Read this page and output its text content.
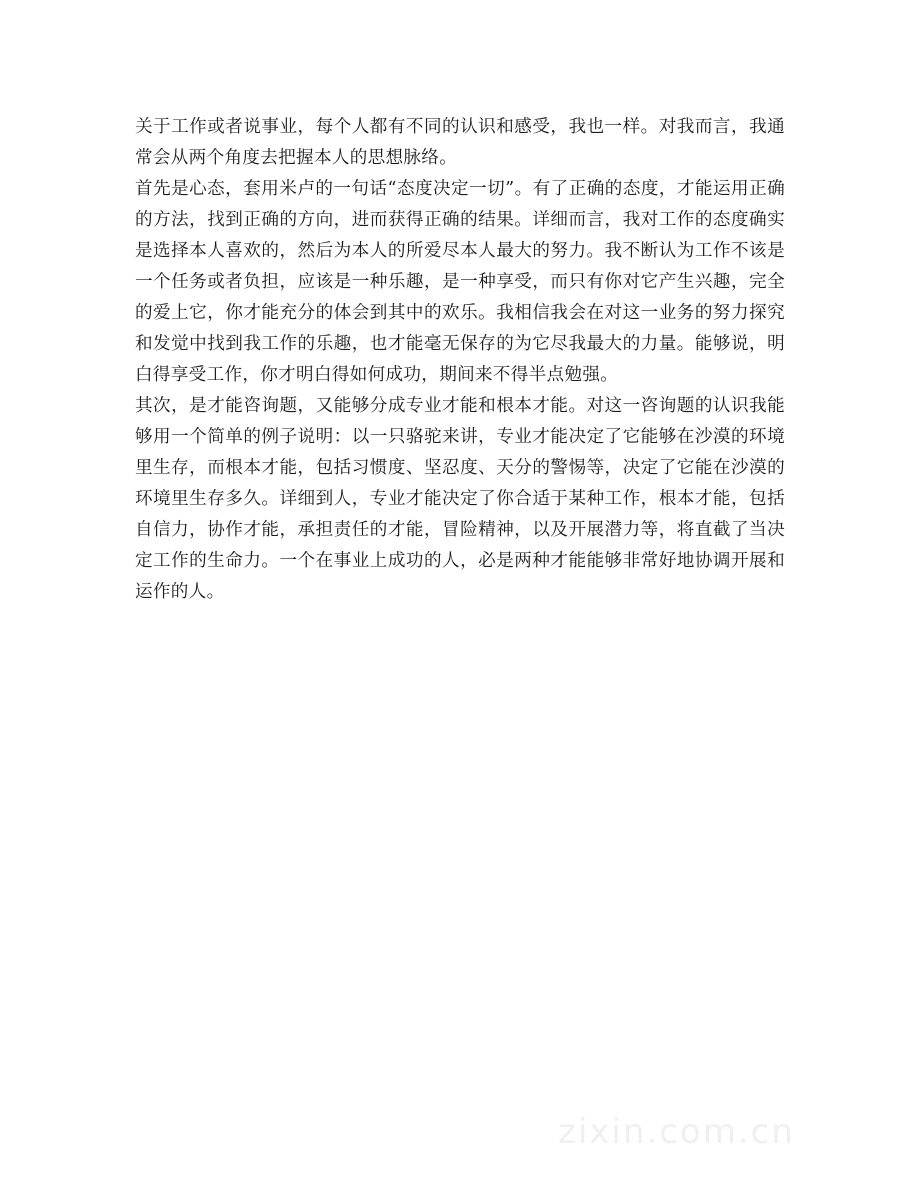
关于工作或者说事业，每个人都有不同的认识和感受，我也一样。对我而言，我通常会从两个角度去把握本人的思想脉络。

首先是心态，套用米卢的一句话“态度决定一切”。有了正确的态度，才能运用正确的方法，找到正确的方向，进而获得正确的结果。详细而言，我对工作的态度确实是选择本人喜欢的，然后为本人的所爱尽本人最大的努力。我不断认为工作不该是一个任务或者负担，应该是一种乐趣，是一种享受，而只有你对它产生兴趣，完全的爱上它，你才能充分的体会到其中的欢乐。我相信我会在对这一业务的努力探究和发觉中找到我工作的乐趣，也才能毫无保存的为它尽我最大的力量。能够说，明白得享受工作，你才明白得如何成功，期间来不得半点勉强。

其次，是才能咨询题，又能够分成专业才能和根本才能。对这一咨询题的认识我能够用一个简单的例子说明：以一只骆驼来讲，专业才能决定了它能够在沙漠的环境里生存，而根本才能，包括习惯度、坚忍度、天分的警惕等，决定了它能在沙漠的环境里生存多久。详细到人，专业才能决定了你合适于某种工作，根本才能，包括自信力，协作才能，承担责任的才能，冒险精神，以及开展潜力等，将直截了当决定工作的生命力。一个在事业上成功的人，必是两种才能能够非常好地协调开展和运作的人。

zixin.com.cn
